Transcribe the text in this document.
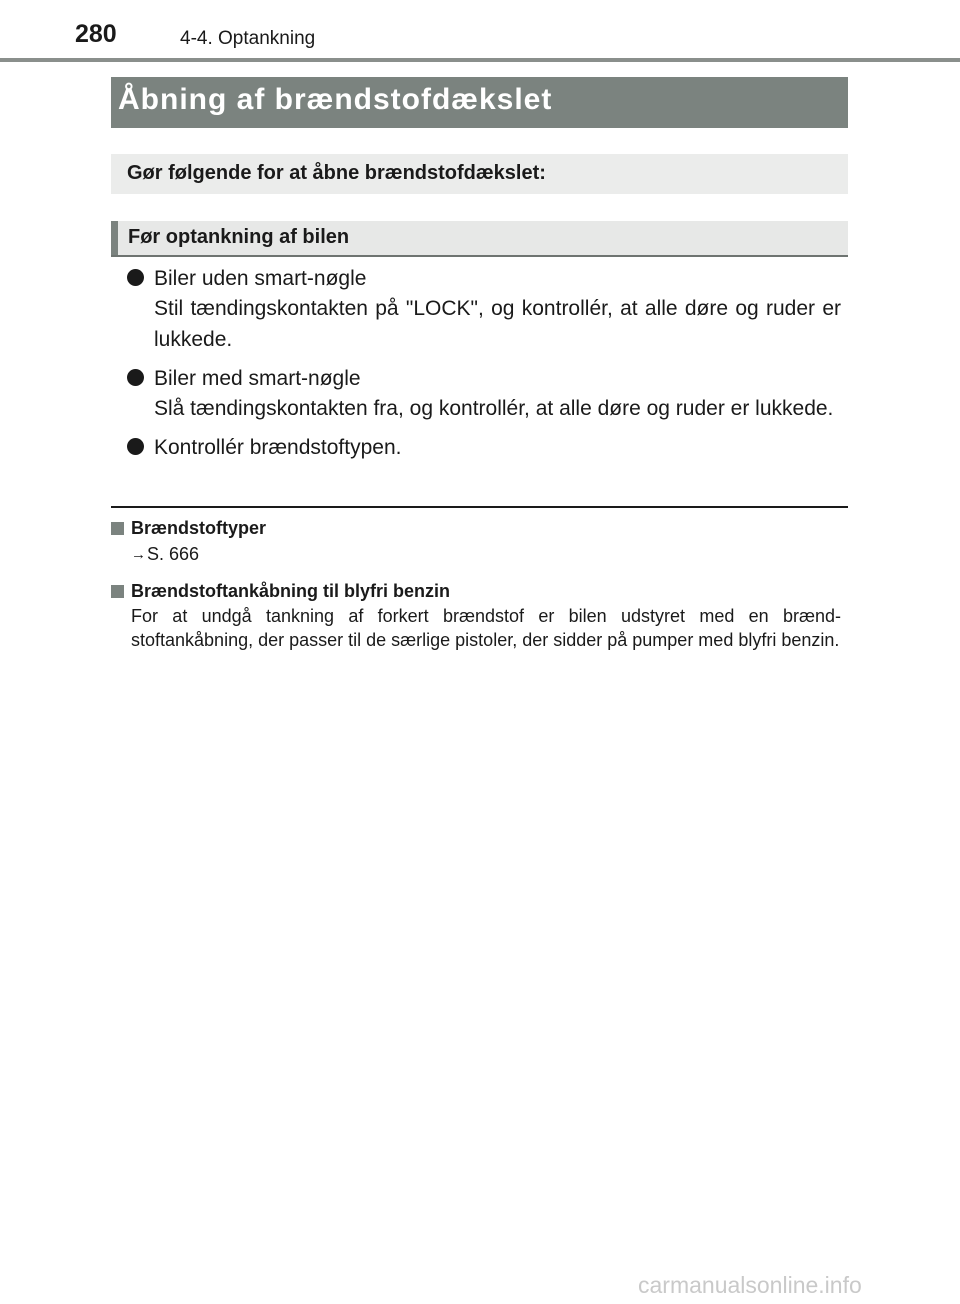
280	4-4. Optankning
Åbning af brændstofdækslet
Gør følgende for at åbne brændstofdækslet:
Før optankning af bilen
Biler uden smart-nøgle
Stil tændingskontakten på "LOCK", og kontrollér, at alle døre og ruder er lukkede.
Biler med smart-nøgle
Slå tændingskontakten fra, og kontrollér, at alle døre og ruder er lukkede.
Kontrollér brændstoftypen.
Brændstoftyper
→S. 666
Brændstoftankåbning til blyfri benzin
For at undgå tankning af forkert brændstof er bilen udstyret med en brænd-stoftankåbning, der passer til de særlige pistoler, der sidder på pumper med blyfri benzin.
carmanualsonline.info
